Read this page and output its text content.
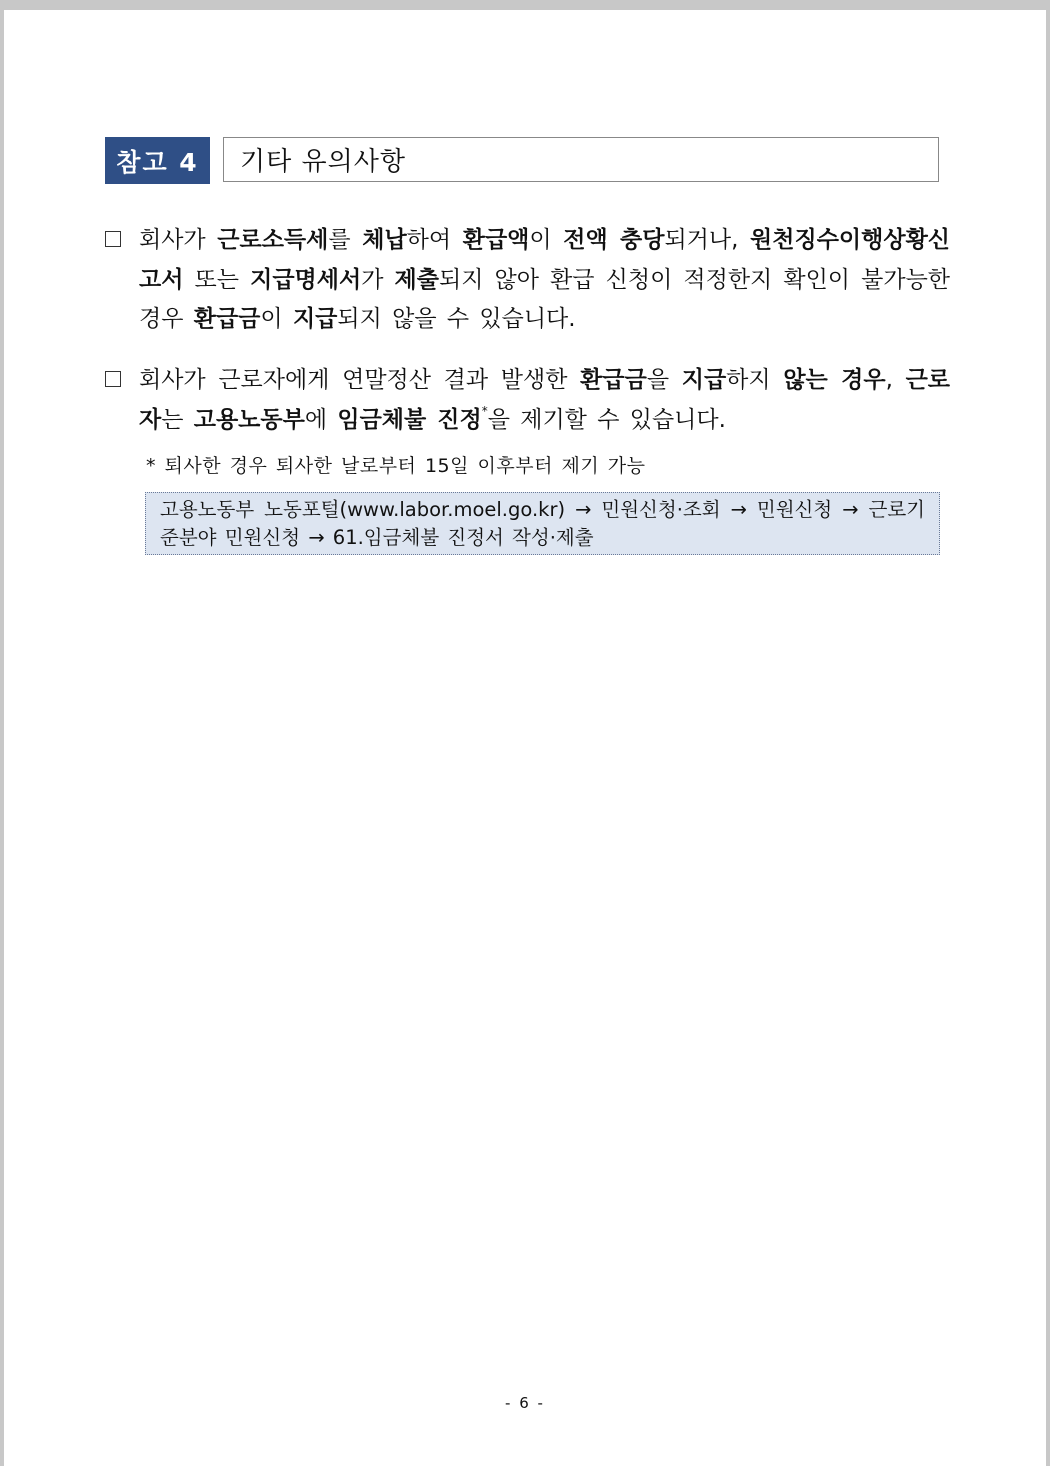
참고 4	기타 유의사항
회사가 근로소득세를 체납하여 환급액이 전액 충당되거나, 원천징수이행상황신고서 또는 지급명세서가 제출되지 않아 환급 신청이 적정한지 확인이 불가능한 경우 환급금이 지급되지 않을 수 있습니다.
회사가 근로자에게 연말정산 결과 발생한 환급금을 지급하지 않는 경우, 근로자는 고용노동부에 임금체불 진정*을 제기할 수 있습니다.
* 퇴사한 경우 퇴사한 날로부터 15일 이후부터 제기 가능
고용노동부 노동포털(www.labor.moel.go.kr) → 민원신청·조회 → 민원신청 → 근로기준분야 민원신청 → 61.임금체불 진정서 작성·제출
- 6 -
